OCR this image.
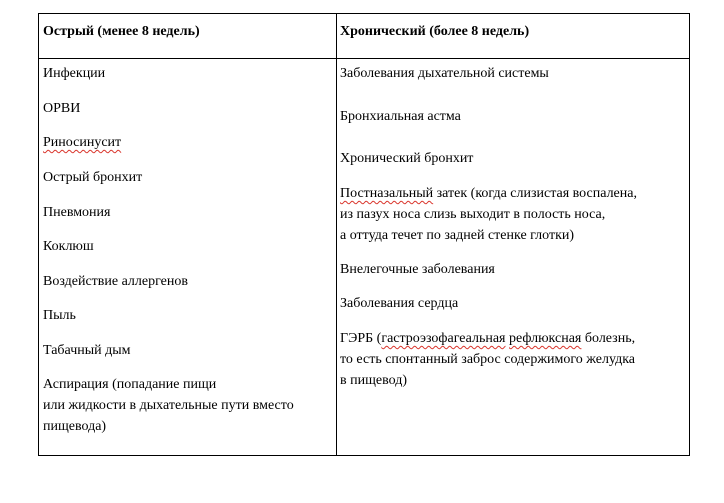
Острый (менее 8 недель)	Хронический (более 8 недель)
Инфекции
ОРВИ
Риносинусит
Острый бронхит
Пневмония
Коклюш
Воздействие аллергенов
Пыль
Табачный дым
Аспирация (попадание пищи
или жидкости в дыхательные пути вместо
пищевода)
Заболевания дыхательной системы
Бронхиальная астма
Хронический бронхит
Постназальный затек (когда слизистая воспалена,
из пазух носа слизь выходит в полость носа,
а оттуда течет по задней стенке глотки)
Внелегочные заболевания
Заболевания сердца
ГЭРБ (гастроэзофагеальная рефлюксная болезнь,
то есть спонтанный заброс содержимого желудка
в пищевод)
